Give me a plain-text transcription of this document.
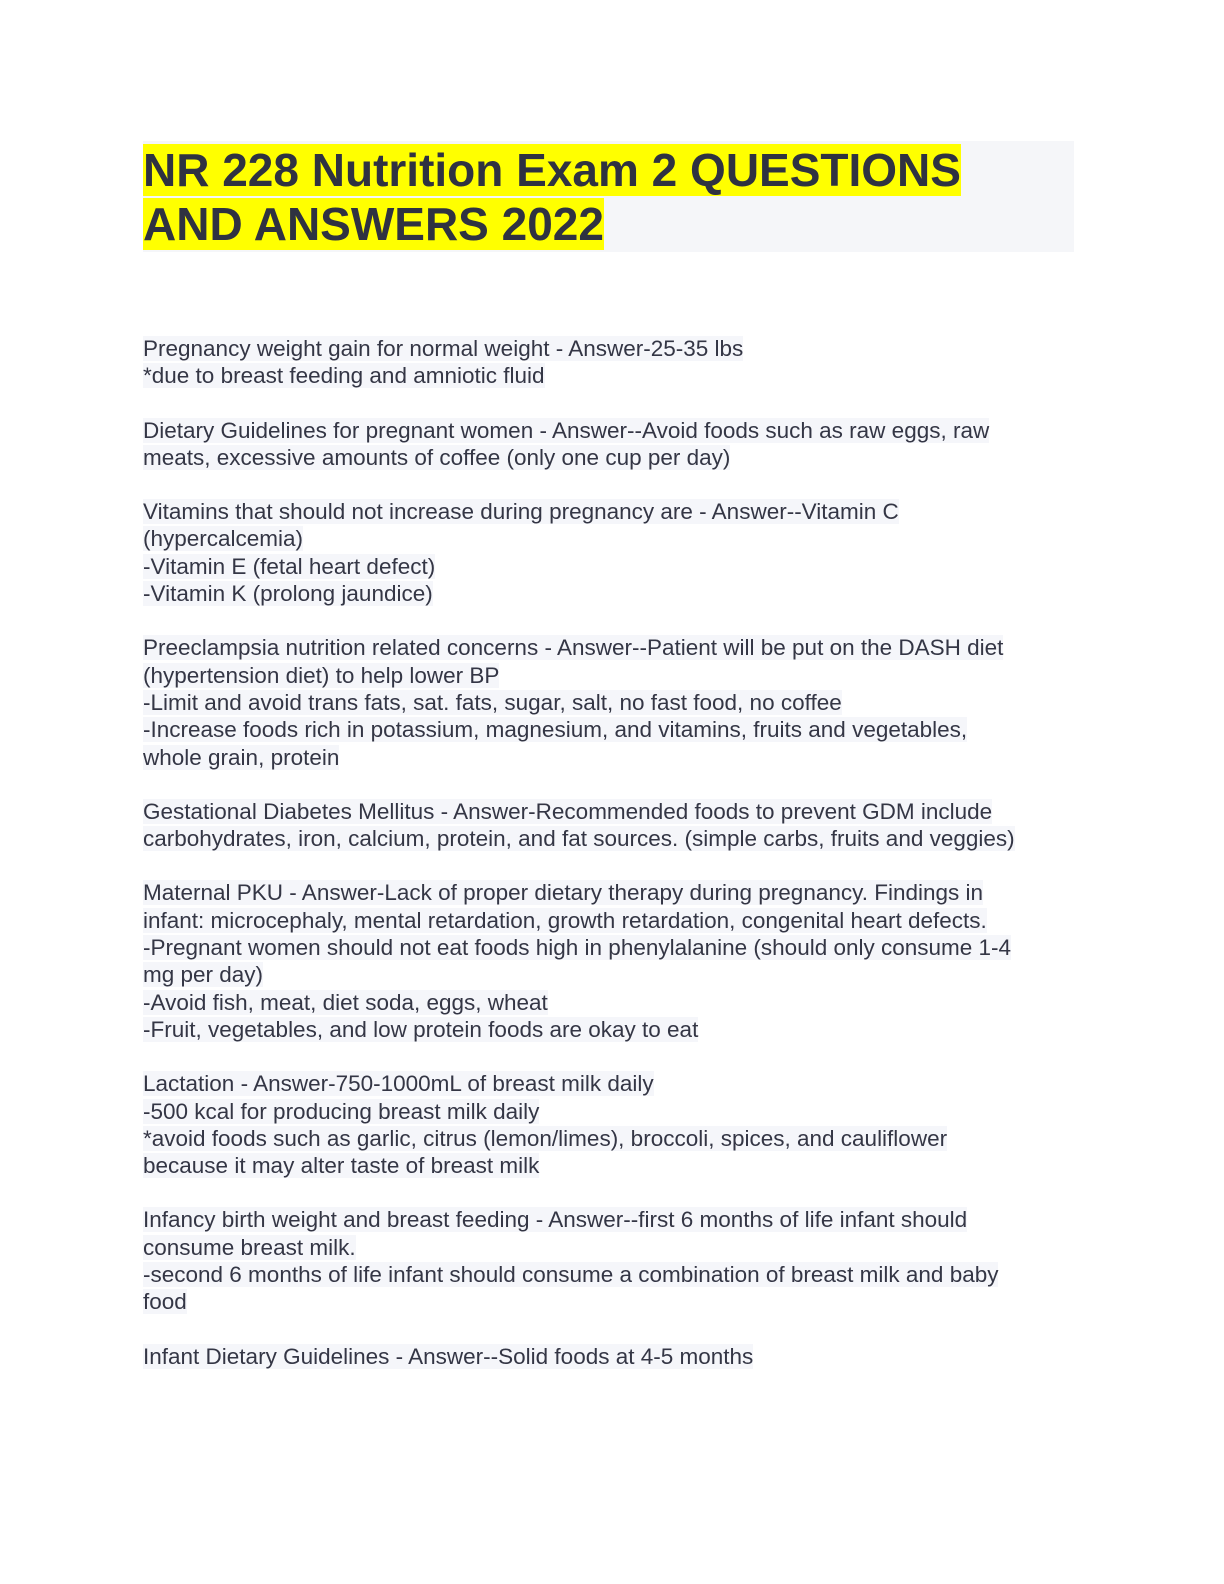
NR 228 Nutrition Exam 2 QUESTIONS
AND ANSWERS 2022
Pregnancy weight gain for normal weight - Answer-25-35 lbs
*due to breast feeding and amniotic fluid
Dietary Guidelines for pregnant women - Answer--Avoid foods such as raw eggs, raw
meats, excessive amounts of coffee (only one cup per day)
Vitamins that should not increase during pregnancy are - Answer--Vitamin C
(hypercalcemia)
-Vitamin E (fetal heart defect)
-Vitamin K (prolong jaundice)
Preeclampsia nutrition related concerns - Answer--Patient will be put on the DASH diet
(hypertension diet) to help lower BP
-Limit and avoid trans fats, sat. fats, sugar, salt, no fast food, no coffee
-Increase foods rich in potassium, magnesium, and vitamins, fruits and vegetables,
whole grain, protein
Gestational Diabetes Mellitus - Answer-Recommended foods to prevent GDM include
carbohydrates, iron, calcium, protein, and fat sources. (simple carbs, fruits and veggies)
Maternal PKU - Answer-Lack of proper dietary therapy during pregnancy. Findings in
infant: microcephaly, mental retardation, growth retardation, congenital heart defects.
-Pregnant women should not eat foods high in phenylalanine (should only consume 1-4
mg per day)
-Avoid fish, meat, diet soda, eggs, wheat
-Fruit, vegetables, and low protein foods are okay to eat
Lactation - Answer-750-1000mL of breast milk daily
-500 kcal for producing breast milk daily
*avoid foods such as garlic, citrus (lemon/limes), broccoli, spices, and cauliflower
because it may alter taste of breast milk
Infancy birth weight and breast feeding - Answer--first 6 months of life infant should
consume breast milk.
-second 6 months of life infant should consume a combination of breast milk and baby
food
Infant Dietary Guidelines - Answer--Solid foods at 4-5 months
